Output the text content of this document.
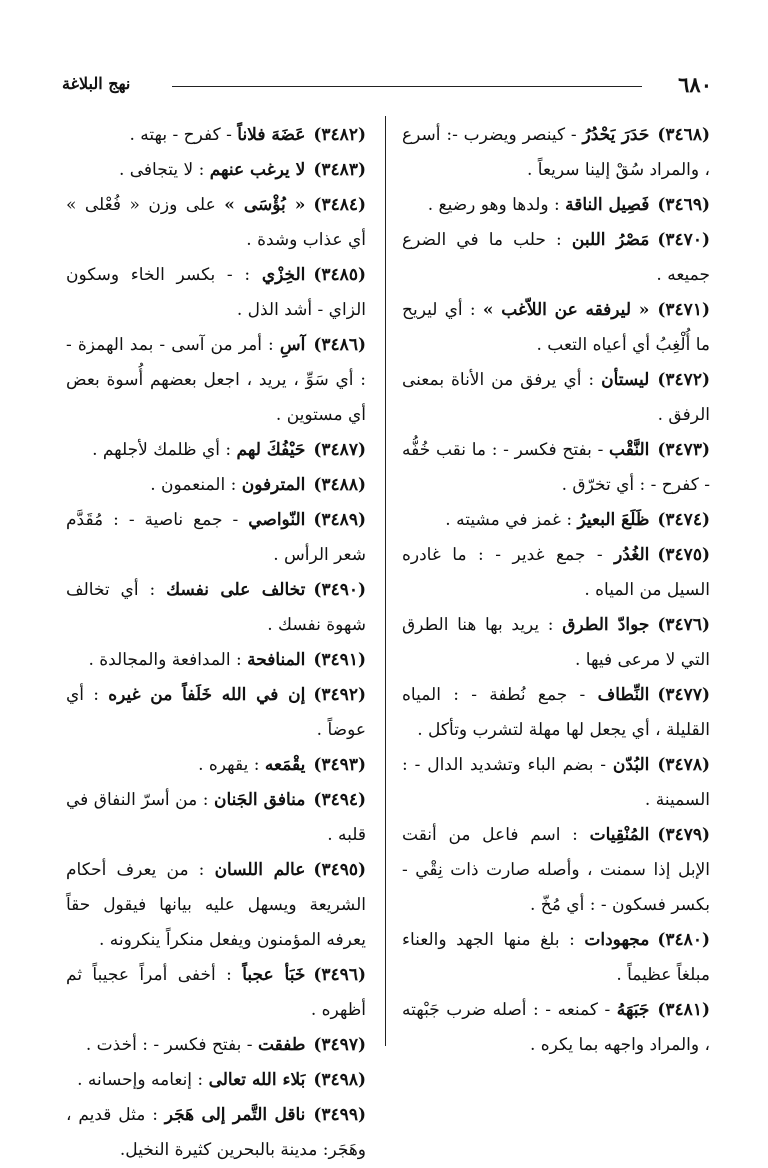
٦٨٠
نهج البلاغة

(٣٤٦٨)حَدَرَ يَحْدُرُ - كينصر ويضرب -: أسرع ، والمراد سُقْ إلينا سريعاً .

(٣٤٦٩)فَصِيل الناقة : ولدها وهو رضيع .

(٣٤٧٠)مَصْرُ اللبن : حلب ما في الضرع جميعه .

(٣٤٧١)« ليرفقه عن اللاّغب » : أي ليريح ما أُلْغِبُ أي أعياه التعب .

(٣٤٧٢)ليستأن : أي يرفق من الأناة بمعنى الرفق .

(٣٤٧٣)النَّقْب - بفتح فكسر - : ما نقب خُفُّه - كفرح - : أي تخرّق .

(٣٤٧٤)ظَلَعَ البعيرُ : غمز في مشيته .

(٣٤٧٥)الغُدُر - جمع غدير - : ما غادره السيل من المياه .

(٣٤٧٦)جوادّ الطرق : يريد بها هنا الطرق التي لا مرعى فيها .

(٣٤٧٧)النِّطاف - جمع نُطفة - : المياه القليلة ، أي يجعل لها مهلة لتشرب وتأكل .

(٣٤٧٨)البُدّن - بضم الباء وتشديد الدال - : السمينة .

(٣٤٧٩)المُنْقِيات : اسم فاعل من أنقت الإبل إذا سمنت ، وأصله صارت ذات نِقْي - بكسر فسكون - : أي مُخّ .

(٣٤٨٠)مجهودات : بلغ منها الجهد والعناء مبلغاً عظيماً .

(٣٤٨١)جَبَهَهُ - كمنعه - : أصله ضرب جَبْهته ، والمراد واجهه بما يكره .

(٣٤٨٢)عَضَهَ فلاناً - كفرح - بهته .

(٣٤٨٣)لا يرغب عنهم : لا يتجافى .

(٣٤٨٤)« بُؤْسَى » على وزن « فُعْلى » أي عذاب وشدة .

(٣٤٨٥)الخِزْي : - بكسر الخاء وسكون الزاي - أشد الذل .

(٣٤٨٦)آسِ : أمر من آسى - بمد الهمزة - : أي سَوِّ ، يريد ، اجعل بعضهم أُسوة بعض أي مستوين .

(٣٤٨٧)حَيْفُكَ لهم : أي ظلمك لأجلهم .

(٣٤٨٨)المترفون : المنعمون .

(٣٤٨٩)النّواصي - جمع ناصية - : مُقَدَّم شعر الرأس .

(٣٤٩٠)تخالف على نفسك : أي تخالف شهوة نفسك .

(٣٤٩١)المنافحة : المدافعة والمجالدة .

(٣٤٩٢)إن في الله خَلَفاً من غيره : أي عوضاً .

(٣٤٩٣)يقْمَعه : يقهره .

(٣٤٩٤)منافق الجَنان : من أسرّ النفاق في قلبه .

(٣٤٩٥)عالم اللسان : من يعرف أحكام الشريعة ويسهل عليه بيانها فيقول حقاً يعرفه المؤمنون ويفعل منكراً ينكرونه .

(٣٤٩٦)خَبَأ عجباً : أخفى أمراً عجيباً ثم أظهره .

(٣٤٩٧)طفقت - بفتح فكسر - : أخذت .

(٣٤٩٨)بَلاء الله تعالى : إنعامه وإحسانه .

(٣٤٩٩)ناقل التَّمر إلى هَجَر : مثل قديم ، وهَجَر: مدينة بالبحرين كثيرة النخيل.
